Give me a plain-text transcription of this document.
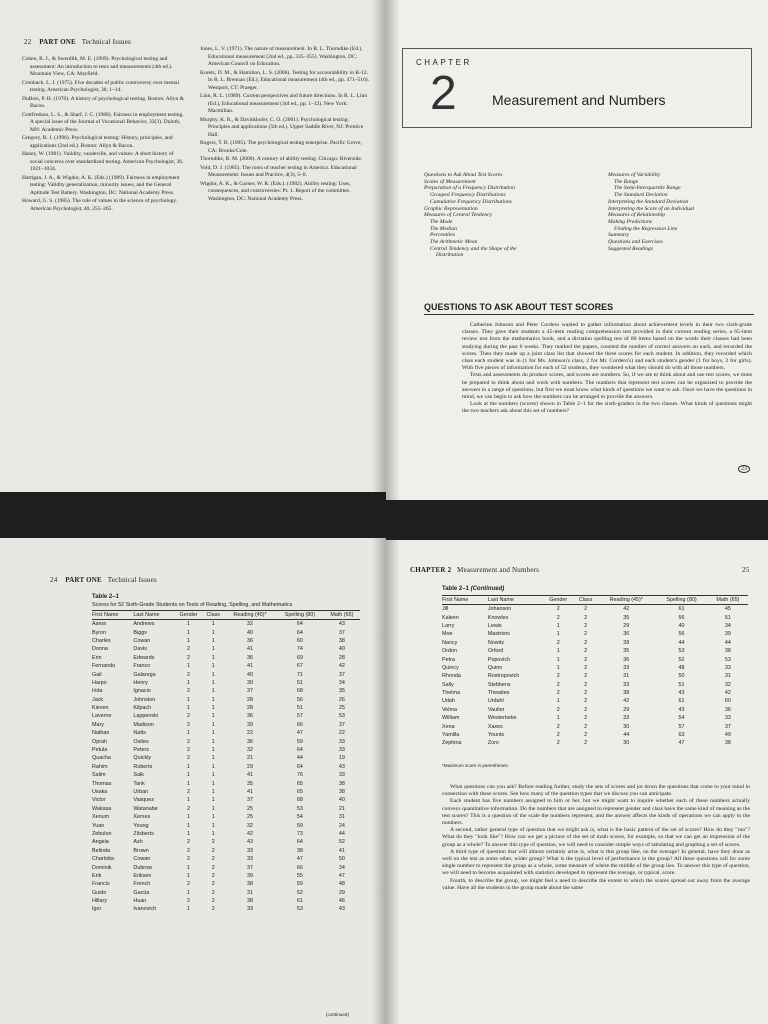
22 PART ONE Technical Issues

Cohen, R. J., & Swerdlik, M. E. (1999). Psychological testing and assessment: An introduction to tests and measurements (4th ed.). Mountain View, CA: Mayfield.

Cronbach, L. J. (1975). Five decades of public controversy over mental testing. American Psychologist, 30, 1–14.

DuBois, P. H. (1970). A history of psychological testing. Boston: Allyn & Bacon.

Gottfredson, L. S., & Sharf, J. C. (1988). Fairness in employment testing. A special issue of the Journal of Vocational Behavior, 33(3). Duluth, MN: Academic Press.

Gregory, R. J. (1996). Psychological testing: History, principles, and applications (2nd ed.). Boston: Allyn & Bacon.

Haney, W. (1981). Validity, vaudeville, and values: A short history of social concerns over standardized testing. American Psychologist, 36, 1021–1034.

Hartigan, J. A., & Wigdor, A. K. (Eds.) (1989). Fairness in employment testing: Validity generalization, minority issues, and the General Aptitude Test Battery. Washington, DC: National Academy Press.

Howard, G. S. (1985). The role of values in the science of psychology. American Psychologist, 40, 255–265.

Jones, L. V. (1971). The nature of measurement. In R. L. Thorndike (Ed.), Educational measurement (2nd ed., pp. 335–355). Washington, DC: American Council on Education.

Koretz, D. M., & Hamilton, L. S. (2006). Testing for accountability in K-12. In R. L. Brennan (Ed.), Educational measurement (4th ed., pp. 471–516). Westport, CT: Praeger.

Linn, R. L. (1989). Current perspectives and future directions. In R. L. Linn (Ed.), Educational measurement (3rd ed., pp. 1–12). New York: Macmillan.

Murphy, K. R., & Davidshofer, C. O. (2001). Psychological testing: Principles and applications (5th ed.). Upper Saddle River, NJ: Prentice Hall.

Rogers, T. B. (1995). The psychological testing enterprise. Pacific Grove, CA: Brooks/Cole.

Thorndike, R. M. (2000). A century of ability testing. Chicago: Riverside.

Vold, D. J. (1985). The roots of teacher testing in America. Educational Measurement: Issues and Practice, 4(3), 5–8.

Wigdor, A. K., & Garner, W. R. (Eds.). (1982). Ability testing: Uses, consequences, and controversies: Pt. 1. Report of the committee. Washington, DC: National Academy Press.

CHAPTER
2	Measurement and Numbers
Questions to Ask About Test Scores
Scales of Measurement
Preparation of a Frequency Distribution
Grouped Frequency Distributions
Cumulative Frequency Distributions
Graphic Representation
Measures of Central Tendency
The Mode
The Median
Percentiles
The Arithmetic Mean
Central Tendency and the Shape of the
Distribution
Measures of Variability
The Range
The Semi-Interquartile Range
The Standard Deviation
Interpreting the Standard Deviation
Interpreting the Score of an Individual
Measures of Relationship
Making Predictions
Finding the Regression Line
Summary
Questions and Exercises
Suggested Readings
QUESTIONS TO ASK ABOUT TEST SCORES

Catherine Johnson and Peter Cordero wanted to gather information about achievement levels in their two sixth-grade classes. They gave their students a 45-item reading comprehension test provided in their current reading series, a 65-item review test from the mathematics book, and a dictation spelling test of 80 items based on the words their classes had been studying during the past 6 weeks. They marked the papers, counted the number of correct answers on each, and recorded the scores. Then they made up a joint class list that showed the three scores for each student. In addition, they recorded which class each student was in (1 for Ms. Johnson's class, 2 for Mr. Cordero's) and each student's gender (1 for boys, 2 for girls). With five pieces of information for each of 52 students, they wondered what they should do with all those numbers.

Tests and assessments do produce scores, and scores are numbers. So, if we are to think about and use test scores, we must be prepared to think about and work with numbers. The numbers that represent test scores can be organized to provide the answers to a range of questions, but first we must know what kinds of questions we want to ask. Once we have the questions in mind, we can begin to ask how the numbers can be arranged to provide the answers.

Look at the numbers (scores) shown in Table 2–1 for the sixth-graders in the two classes. What kinds of questions might the two teachers ask about this set of numbers?

23
24 PART ONE Technical Issues
Table 2–1
Scores for 52 Sixth-Grade Students on Tests of Reading, Spelling, and Mathematics
First Name	Last Name	Gender	Class	Reading (45)*	Spelling (80)	Math (65)
Aaron	Andrews	1	1	32	64	43
Byron	Biggs	1	1	40	64	37
Charles	Cowan	1	1	36	60	38
Donna	Davis	2	1	41	74	40
Erin	Edwards	2	1	36	69	28
Fernando	Franco	1	1	41	67	42
Gail	Galarega	2	1	40	71	37
Harpo	Henry	1	1	30	51	34
Irida	Ignacio	2	1	37	68	35
Jack	Johnston	1	1	28	56	26
Kieven	Kilpach	1	1	28	51	25
Laverne	Lappenski	2	1	36	57	53
Mary	Madison	2	1	39	66	37
Nathan	Natts	1	1	22	47	22
Oprah	Ostles	2	1	36	59	33
Petula	Peters	2	1	32	64	33
Quacha	Quickly	2	1	21	44	19
Rahim	Roberts	1	1	29	64	43
Salim	Salk	1	1	41	76	33
Thomas	Tank	1	1	35	65	38
Usaka	Urban	2	1	41	65	38
Victor	Vasquez	1	1	37	68	40
Wakasa	Watanabe	2	1	25	53	21
Xenum	Xerxes	1	1	25	54	31
Yuan	Young	1	1	32	59	24
Zebulon	Zilsberts	1	1	42	73	44
Angela	Ash	2	2	43	64	52
Belinda	Brown	2	2	33	38	41
Charlotta	Cowan	2	2	33	47	50
Dominik	Dubrow	1	2	37	66	34
Erik	Eriksen	1	2	39	55	47
Francis	French	2	2	38	59	48
Guido	Garcia	1	2	31	52	29
Hillary	Huan	2	2	38	61	46
Igor	Ivanovich	1	2	33	53	43
(continued)
CHAPTER 2 Measurement and Numbers	25
Table 2–1 (Continued)
First Name	Last Name	Gender	Class	Reading (45)*	Spelling (80)	Math (65)
Jill	Johanson	2	2	42	61	45
Kaleen	Knowles	2	2	35	56	51
Larry	Lewis	1	2	29	40	34
Moe	Mastrioni	1	2	36	56	39
Nancy	Nowitz	2	2	28	44	44
Ordon	Orford	1	2	35	53	38
Petra	Popovich	1	2	36	52	53
Quincy	Quinn	1	2	33	48	33
Rhonda	Rostropovich	2	2	31	50	31
Sally	Stebbens	2	2	33	51	32
Thelma	Thwaites	2	2	38	43	42
Udah	Urdahl	1	2	42	61	60
Velma	Vaulter	2	2	29	43	36
William	Westerbeke	1	2	33	54	33
Xena	Xaxes	2	2	30	57	37
Yamilla	Younts	2	2	44	63	49
Zephina	Zoro	2	2	30	47	38
*Maximum score in parentheses.

What questions can you ask? Before reading further, study the sets of scores and jot down the questions that come to your mind in connection with these scores. See how many of the question types that we discuss you can anticipate.

Each student has five numbers assigned to him or her, but we might want to inquire whether each of these numbers actually conveys quantitative information. Do the numbers that are assigned to represent gender and class have the same kind of meaning as the test scores? This is a question of the scale the numbers represent, and the answer affects the kinds of operations we can apply to the numbers.

A second, rather general type of question that we might ask is, what is the basic pattern of the set of scores? How do they "run"? What do they "look like"? How can we get a picture of the set of math scores, for example, so that we can get an impression of the group as a whole? To answer this type of question, we will need to consider simple ways of tabulating and graphing a set of scores.

A third type of question that will almost certainly arise is, what is this group like, on the average? In general, have they done as well on the test as some other, wider group? What is the typical level of performance in the group? All these questions call for some single number to represent the group as a whole, some measure of where the middle of the group lies. To answer this type of question, we will need to become acquainted with statistics developed to represent the average, or typical, score.

Fourth, to describe the group, we might feel a need to describe the extent to which the scores spread out away from the average value. Have all the students in the group made about the same
